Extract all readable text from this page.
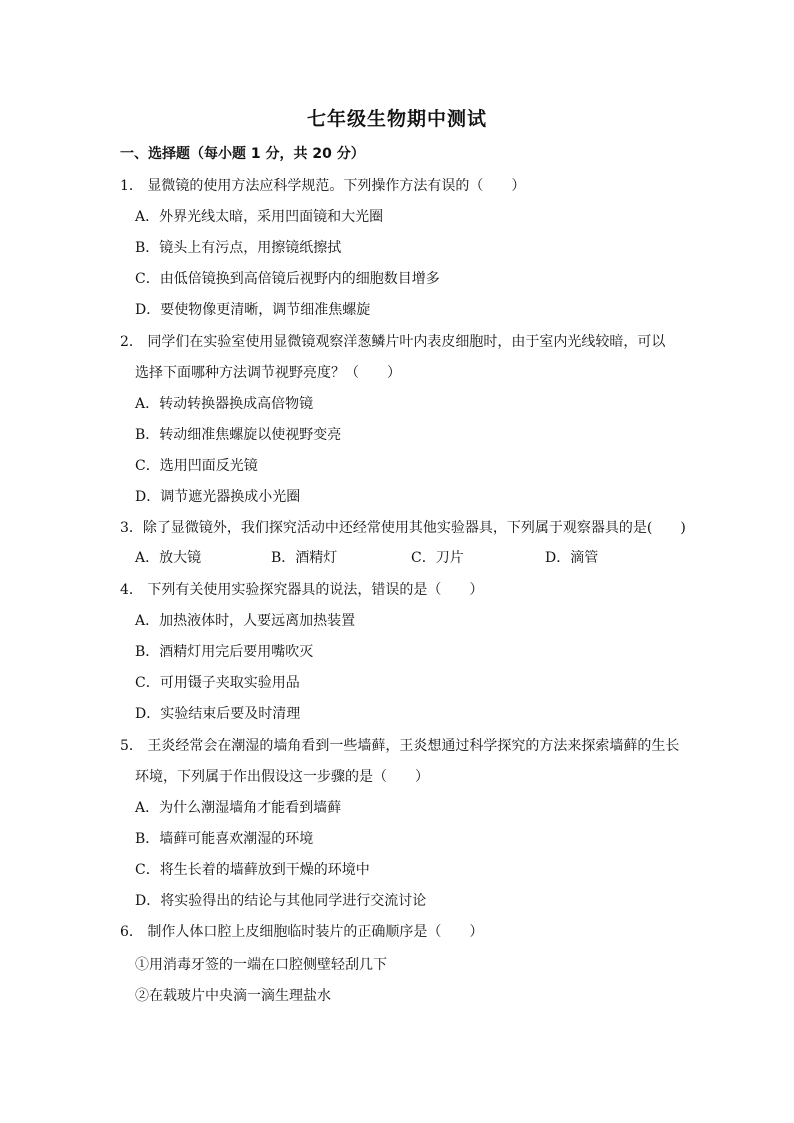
七年级生物期中测试
一、选择题（每小题 1 分，共 20 分）
1． 显微镜的使用方法应科学规范。下列操作方法有误的（　　）
A．外界光线太暗，采用凹面镜和大光圈
B．镜头上有污点，用擦镜纸擦拭
C．由低倍镜换到高倍镜后视野内的细胞数目增多
D．要使物像更清晰，调节细准焦螺旋
2． 同学们在实验室使用显微镜观察洋葱鳞片叶内表皮细胞时，由于室内光线较暗，可以
选择下面哪种方法调节视野亮度？（　　）
A．转动转换器换成高倍物镜
B．转动细准焦螺旋以使视野变亮
C．选用凹面反光镜
D．调节遮光器换成小光圈
3．除了显微镜外，我们探究活动中还经常使用其他实验器具，下列属于观察器具的是(　　)
A．放大镜	B．酒精灯	C．刀片	D．滴管
4． 下列有关使用实验探究器具的说法，错误的是（　　）
A．加热液体时，人要远离加热装置
B．酒精灯用完后要用嘴吹灭
C．可用镊子夹取实验用品
D．实验结束后要及时清理
5． 王炎经常会在潮湿的墙角看到一些墙藓，王炎想通过科学探究的方法来探索墙藓的生长
环境，下列属于作出假设这一步骤的是（　　）
A．为什么潮湿墙角才能看到墙藓
B．墙藓可能喜欢潮湿的环境
C．将生长着的墙藓放到干燥的环境中
D．将实验得出的结论与其他同学进行交流讨论
6． 制作人体口腔上皮细胞临时装片的正确顺序是（　　）
①用消毒牙签的一端在口腔侧壁轻刮几下
②在载玻片中央滴一滴生理盐水
